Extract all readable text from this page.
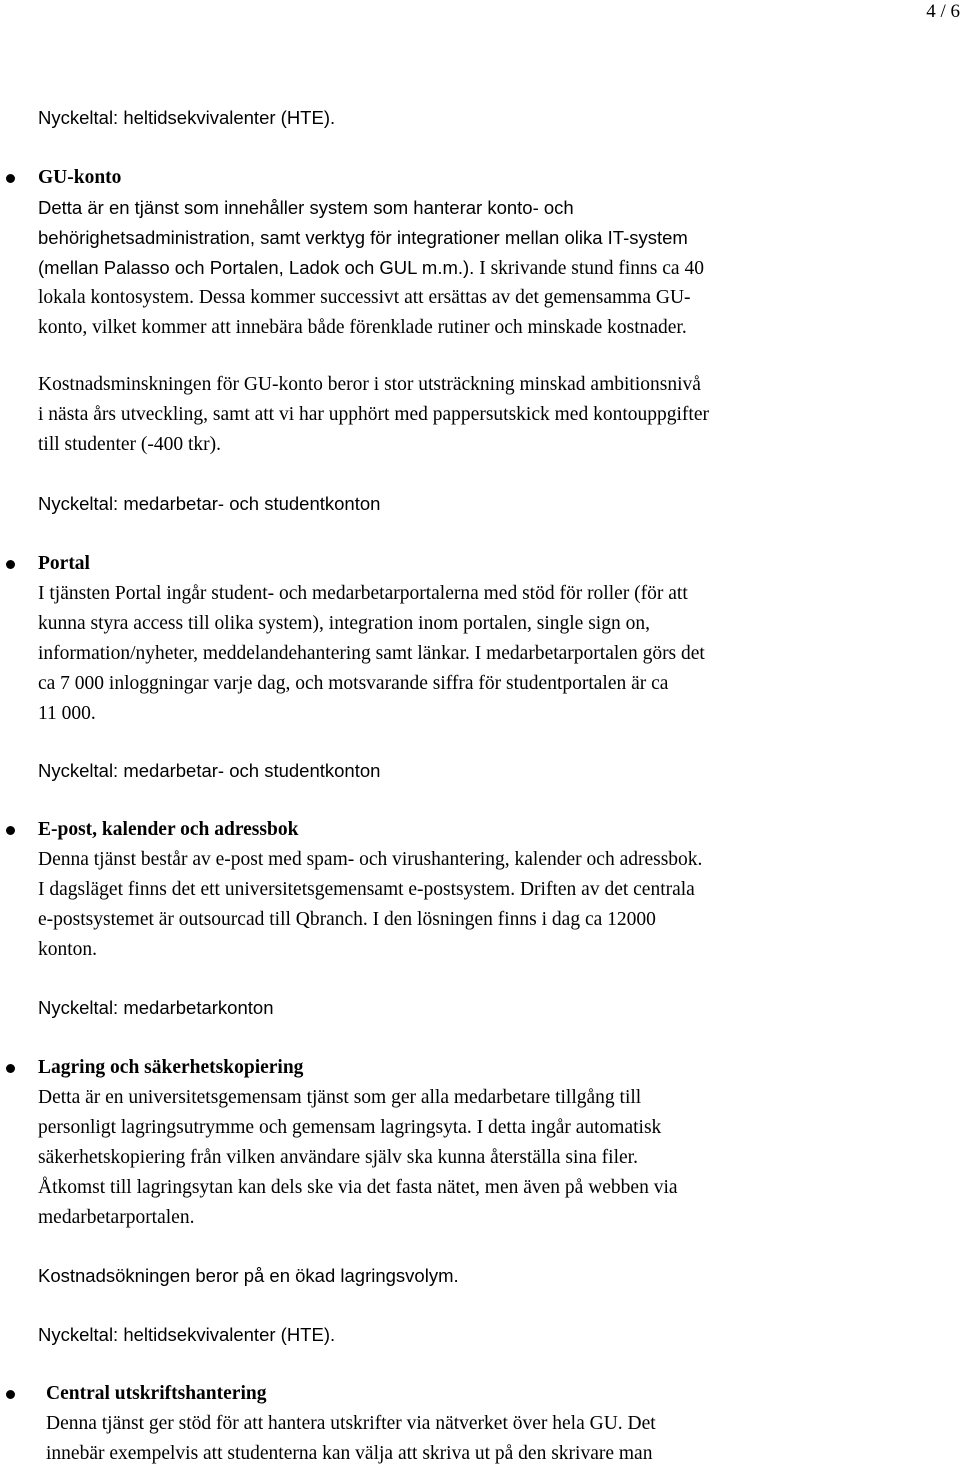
4 / 6

Nyckeltal: heltidsekvivalenter (HTE).

GU-konto

Detta är en tjänst som innehåller system som hanterar konto- och

behörighetsadministration, samt verktyg för integrationer mellan olika IT-system

(mellan Palasso och Portalen, Ladok och GUL m.m.). I skrivande stund finns ca 40

lokala kontosystem. Dessa kommer successivt att ersättas av det gemensamma GU-

konto, vilket kommer att innebära både förenklade rutiner och minskade kostnader.

Kostnadsminskningen för GU-konto beror i stor utsträckning minskad ambitionsnivå

i nästa års utveckling, samt att vi har upphört med pappersutskick med kontouppgifter

till studenter (-400 tkr).

Nyckeltal: medarbetar- och studentkonton

Portal

I tjänsten Portal ingår student- och medarbetarportalerna med stöd för roller (för att

kunna styra access till olika system), integration inom portalen, single sign on,

information/nyheter, meddelandehantering samt länkar. I medarbetarportalen görs det

ca 7 000 inloggningar varje dag, och motsvarande siffra för studentportalen är ca

11 000.

Nyckeltal: medarbetar- och studentkonton

E-post, kalender och adressbok

Denna tjänst består av e-post med spam- och virushantering, kalender och adressbok.

I dagsläget finns det ett universitetsgemensamt e-postsystem. Driften av det centrala

e-postsystemet är outsourcad till Qbranch. I den lösningen finns i dag ca 12000

konton.

Nyckeltal: medarbetarkonton

Lagring och säkerhetskopiering

Detta är en universitetsgemensam tjänst som ger alla medarbetare tillgång till

personligt lagringsutrymme och gemensam lagringsyta. I detta ingår automatisk

säkerhetskopiering från vilken användare själv ska kunna återställa sina filer.

Åtkomst till lagringsytan kan dels ske via det fasta nätet, men även på webben via

medarbetarportalen.

Kostnadsökningen beror på en ökad lagringsvolym.

Nyckeltal: heltidsekvivalenter (HTE).

Central utskriftshantering

Denna tjänst ger stöd för att hantera utskrifter via nätverket över hela GU. Det

innebär exempelvis att studenterna kan välja att skriva ut på den skrivare man
